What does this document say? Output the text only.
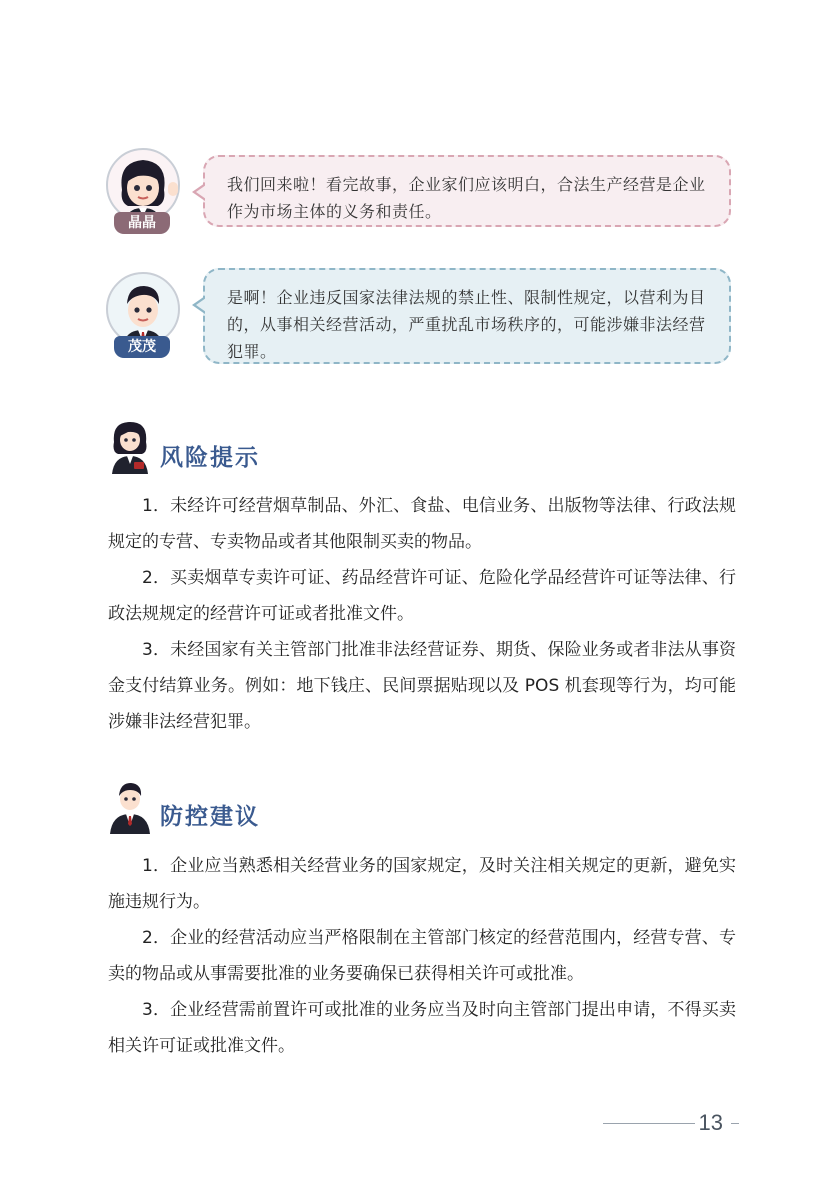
晶晶
我们回来啦！看完故事，企业家们应该明白，合法生产经营是企业作为市场主体的义务和责任。
茂茂
是啊！企业违反国家法律法规的禁止性、限制性规定，以营利为目的，从事相关经营活动，严重扰乱市场秩序的，可能涉嫌非法经营犯罪。
风险提示
1．未经许可经营烟草制品、外汇、食盐、电信业务、出版物等法律、行政法规规定的专营、专卖物品或者其他限制买卖的物品。
2．买卖烟草专卖许可证、药品经营许可证、危险化学品经营许可证等法律、行政法规规定的经营许可证或者批准文件。
3．未经国家有关主管部门批准非法经营证券、期货、保险业务或者非法从事资金支付结算业务。例如：地下钱庄、民间票据贴现以及 POS 机套现等行为，均可能涉嫌非法经营犯罪。
防控建议
1．企业应当熟悉相关经营业务的国家规定，及时关注相关规定的更新，避免实施违规行为。
2．企业的经营活动应当严格限制在主管部门核定的经营范围内，经营专营、专卖的物品或从事需要批准的业务要确保已获得相关许可或批准。
3．企业经营需前置许可或批准的业务应当及时向主管部门提出申请，不得买卖相关许可证或批准文件。
13
